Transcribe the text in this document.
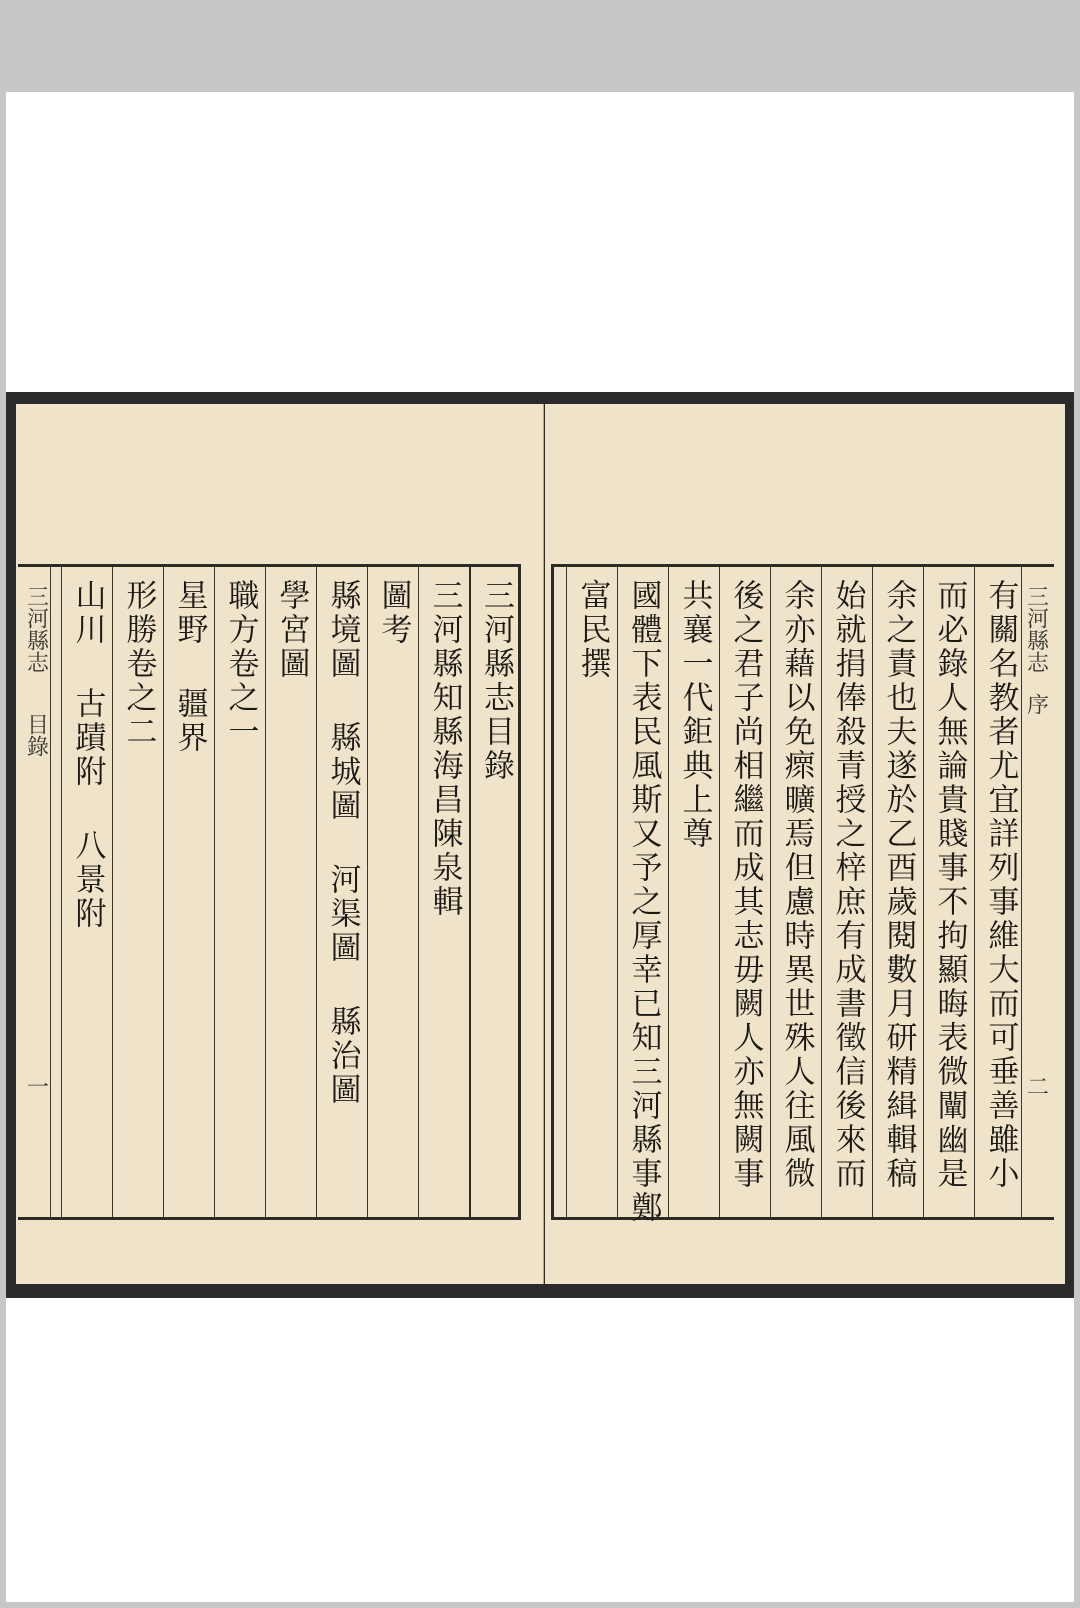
三河縣志目錄
三河縣知縣海昌陳泉輯
圖考
縣境圖
縣城圖
河渠圖
縣治圖
學宮圖
職方卷之一
星野
疆界
形勝卷之二
山川
古蹟附
八景附
三河縣志
目錄
一
三河縣志
序
二
有關名教者尤宜詳列事維大而可垂善雖小
而必錄人無論貴賤事不拘顯晦表微闡幽是
余之責也夫遂於乙酉歲閱數月研精緝輯稿
始就捐俸殺青授之梓庶有成書徵信後來而
余亦藉以免瘝曠焉但慮時異世殊人往風微
後之君子尚相繼而成其志毋闕人亦無闕事
共襄一代鉅典上尊
國體下表民風斯又予之厚幸已知三河縣事鄭
富民撰
